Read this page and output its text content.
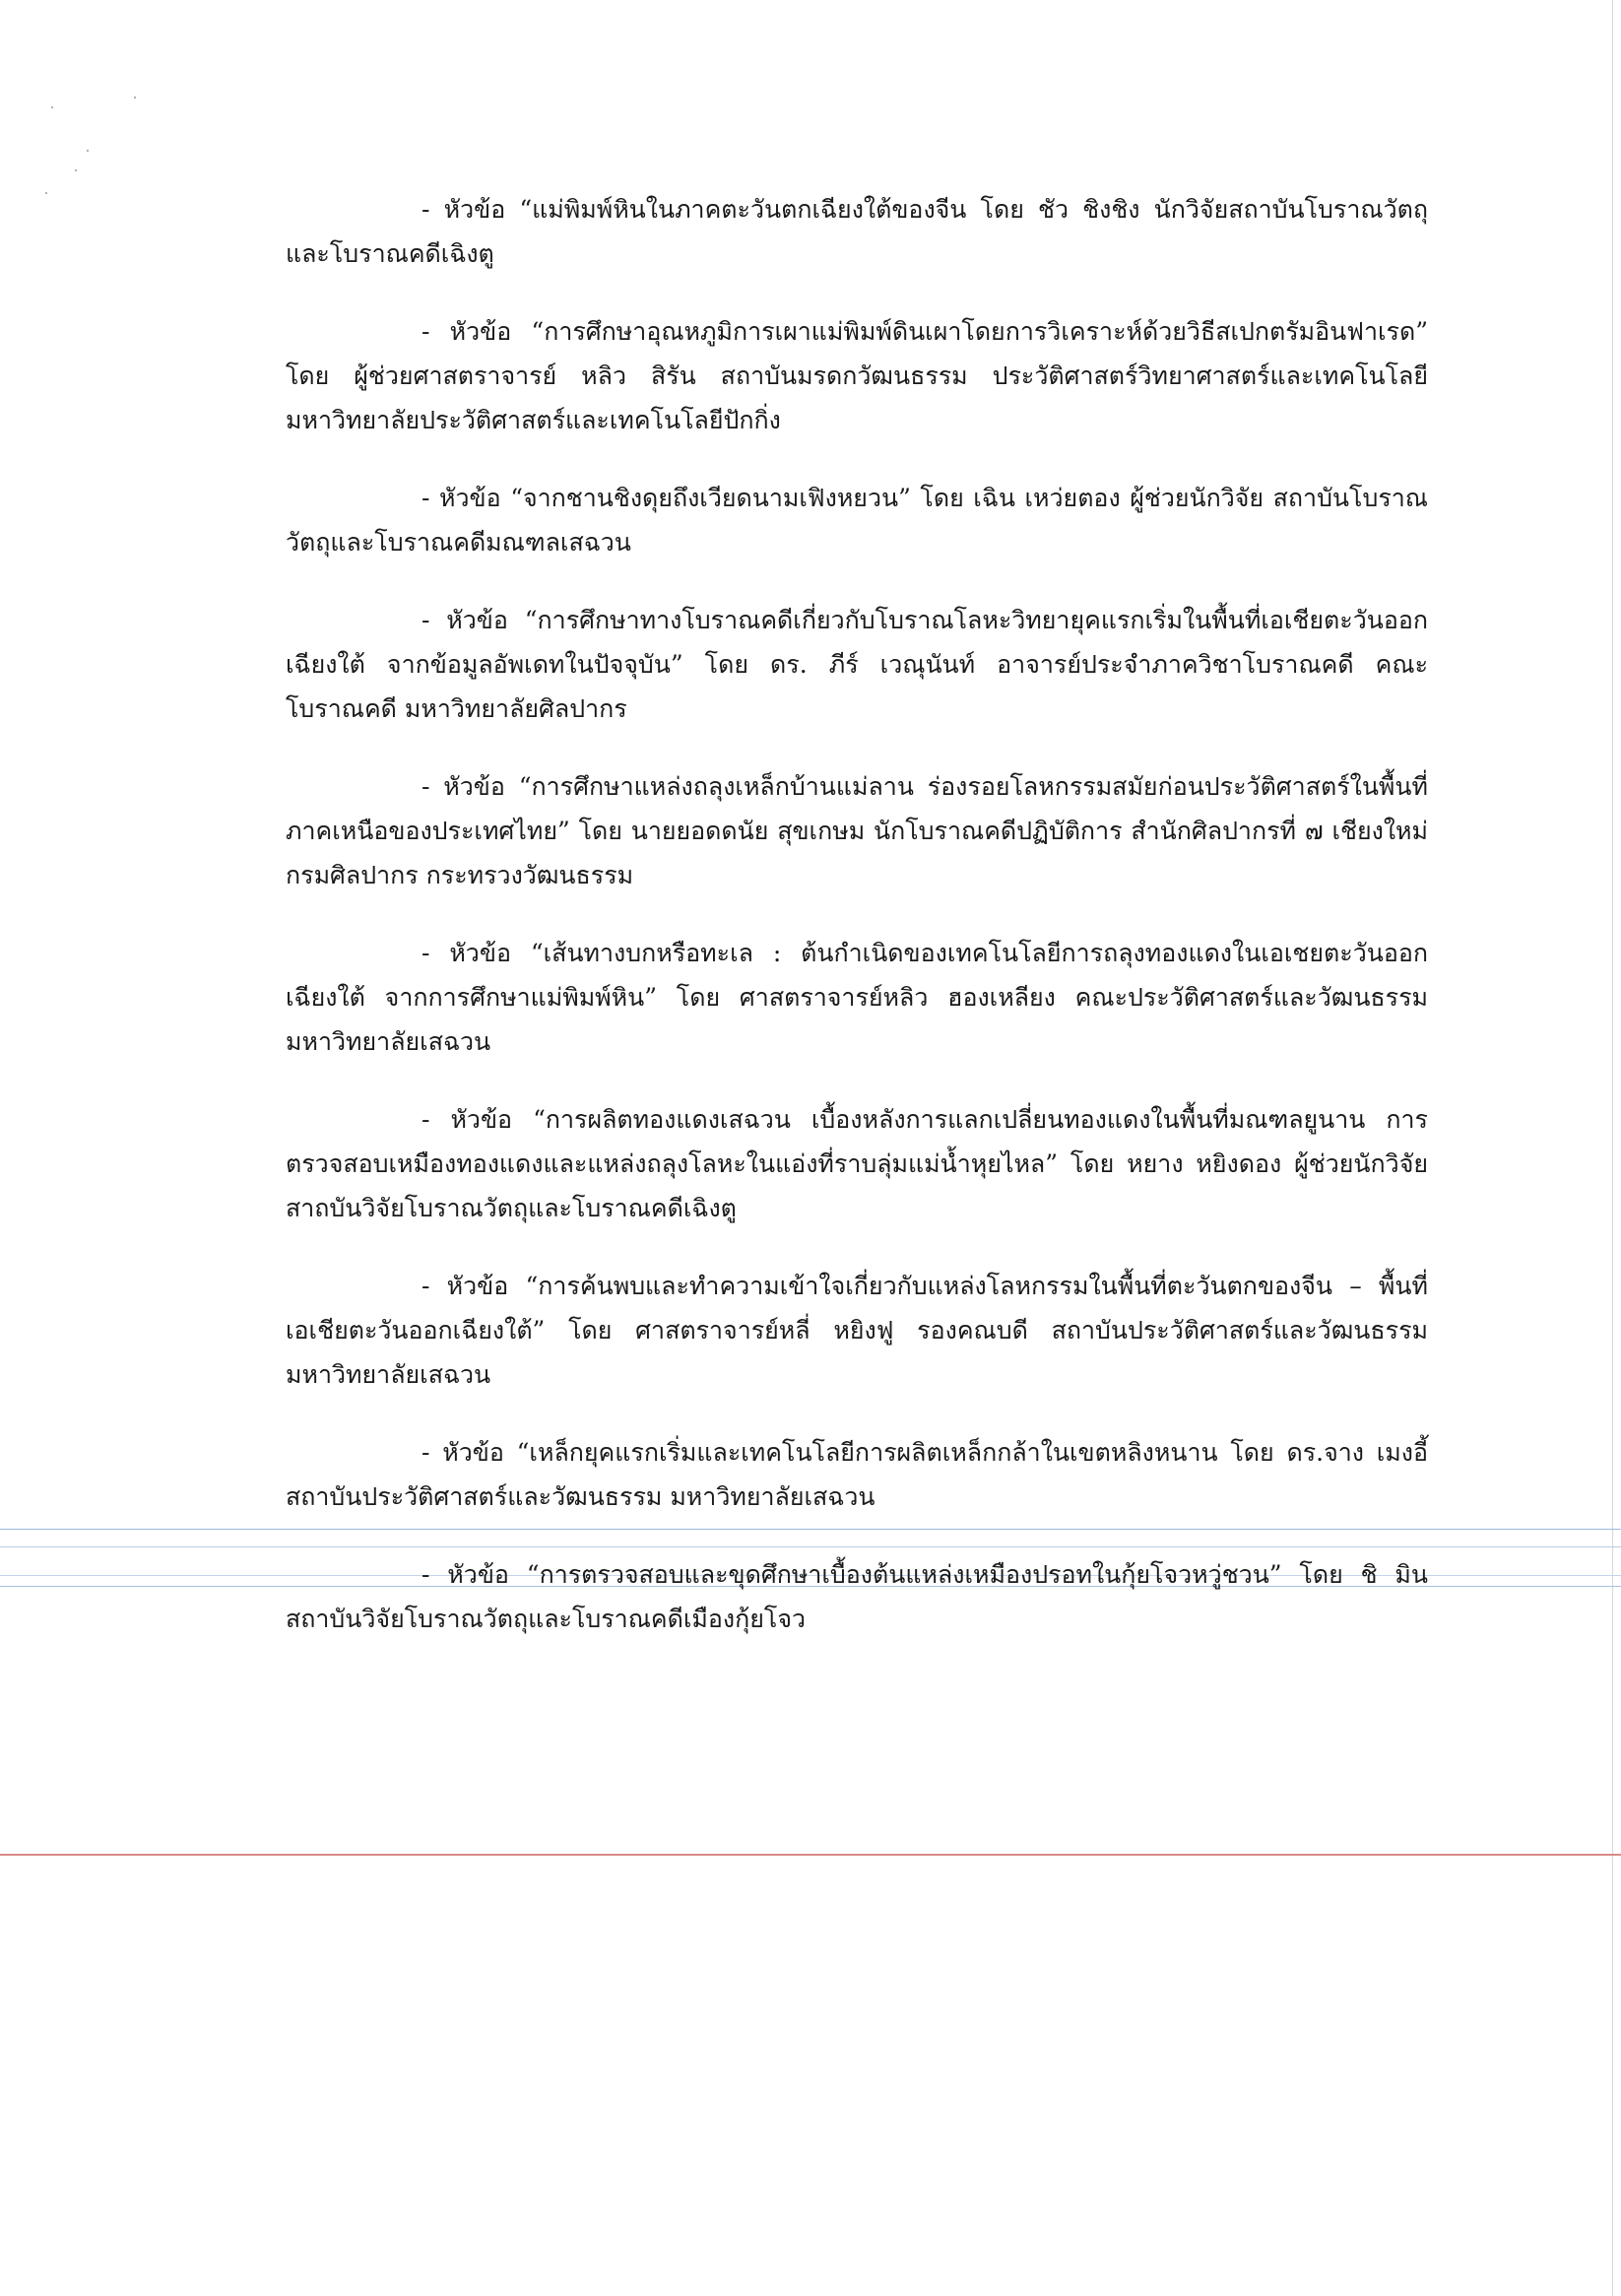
- หัวข้อ “แม่พิมพ์หินในภาคตะวันตกเฉียงใต้ของจีน โดย ชัว ชิงชิง นักวิจัยสถาบันโบราณวัตถุและโบราณคดีเฉิงตู

- หัวข้อ “การศึกษาอุณหภูมิการเผาแม่พิมพ์ดินเผาโดยการวิเคราะห์ด้วยวิธีสเปกตรัมอินฟาเรด” โดย ผู้ช่วยศาสตราจารย์ หลิว สิรัน สถาบันมรดกวัฒนธรรม ประวัติศาสตร์วิทยาศาสตร์และเทคโนโลยี มหาวิทยาลัยประวัติศาสตร์และเทคโนโลยีปักกิ่ง

- หัวข้อ “จากชานชิงดุยถึงเวียดนามเฟิงหยวน” โดย เฉิน เหว่ยตอง ผู้ช่วยนักวิจัย สถาบันโบราณวัตถุและโบราณคดีมณฑลเสฉวน

- หัวข้อ “การศึกษาทางโบราณคดีเกี่ยวกับโบราณโลหะวิทยายุคแรกเริ่มในพื้นที่เอเชียตะวันออกเฉียงใต้ จากข้อมูลอัพเดทในปัจจุบัน” โดย ดร. ภีร์ เวณุนันท์ อาจารย์ประจำภาควิชาโบราณคดี คณะโบราณคดี มหาวิทยาลัยศิลปากร

- หัวข้อ “การศึกษาแหล่งถลุงเหล็กบ้านแม่ลาน ร่องรอยโลหกรรมสมัยก่อนประวัติศาสตร์ในพื้นที่ภาคเหนือของประเทศไทย” โดย นายยอดดนัย สุขเกษม นักโบราณคดีปฏิบัติการ สำนักศิลปากรที่ ๗ เชียงใหม่ กรมศิลปากร กระทรวงวัฒนธรรม

- หัวข้อ “เส้นทางบกหรือทะเล : ต้นกำเนิดของเทคโนโลยีการถลุงทองแดงในเอเชยตะวันออกเฉียงใต้ จากการศึกษาแม่พิมพ์หิน” โดย ศาสตราจารย์หลิว ฮองเหลียง คณะประวัติศาสตร์และวัฒนธรรม มหาวิทยาลัยเสฉวน

- หัวข้อ “การผลิตทองแดงเสฉวน เบื้องหลังการแลกเปลี่ยนทองแดงในพื้นที่มณฑลยูนาน การตรวจสอบเหมืองทองแดงและแหล่งถลุงโลหะในแอ่งที่ราบลุ่มแม่น้ำหุยไหล” โดย หยาง หยิงดอง ผู้ช่วยนักวิจัย สาถบันวิจัยโบราณวัตถุและโบราณคดีเฉิงตู

- หัวข้อ “การค้นพบและทำความเข้าใจเกี่ยวกับแหล่งโลหกรรมในพื้นที่ตะวันตกของจีน – พื้นที่เอเชียตะวันออกเฉียงใต้” โดย ศาสตราจารย์หลี่ หยิงฟู รองคณบดี สถาบันประวัติศาสตร์และวัฒนธรรม มหาวิทยาลัยเสฉวน

- หัวข้อ “เหล็กยุคแรกเริ่มและเทคโนโลยีการผลิตเหล็กกล้าในเขตหลิงหนาน โดย ดร.จาง เมงอี้ สถาบันประวัติศาสตร์และวัฒนธรรม มหาวิทยาลัยเสฉวน

- หัวข้อ “การตรวจสอบและขุดศึกษาเบื้องต้นแหล่งเหมืองปรอทในกุ้ยโจวหวู่ชวน” โดย ชิ มิน สถาบันวิจัยโบราณวัตถุและโบราณคดีเมืองกุ้ยโจว
